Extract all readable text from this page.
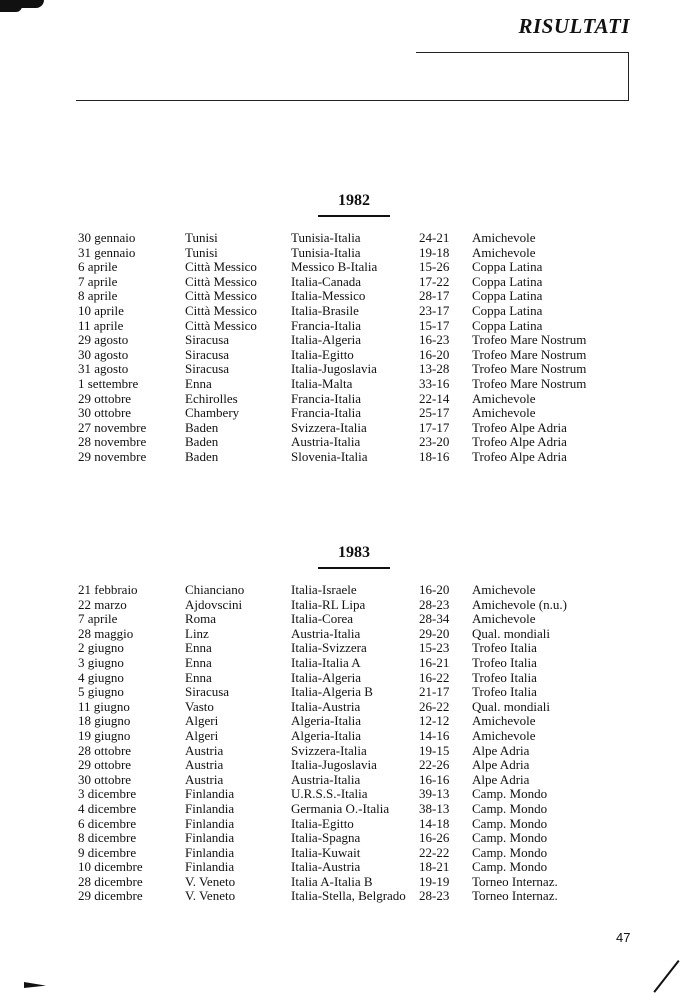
RISULTATI
1982
30 gennaio	Tunisi	Tunisia-Italia	24-21 Amichevole
31 gennaio	Tunisi	Tunisia-Italia	19-18 Amichevole
6 aprile	Città Messico	Messico B-Italia	15-26 Coppa Latina
7 aprile	Città Messico	Italia-Canada	17-22 Coppa Latina
8 aprile	Città Messico	Italia-Messico	28-17 Coppa Latina
10 aprile	Città Messico	Italia-Brasile	23-17 Coppa Latina
11 aprile	Città Messico	Francia-Italia	15-17 Coppa Latina
29 agosto	Siracusa	Italia-Algeria	16-23 Trofeo Mare Nostrum
30 agosto	Siracusa	Italia-Egitto	16-20 Trofeo Mare Nostrum
31 agosto	Siracusa	Italia-Jugoslavia	13-28 Trofeo Mare Nostrum
1 settembre	Enna	Italia-Malta	33-16 Trofeo Mare Nostrum
29 ottobre	Echirolles	Francia-Italia	22-14 Amichevole
30 ottobre	Chambery	Francia-Italia	25-17 Amichevole
27 novembre	Baden	Svizzera-Italia	17-17 Trofeo Alpe Adria
28 novembre	Baden	Austria-Italia	23-20 Trofeo Alpe Adria
29 novembre	Baden	Slovenia-Italia	18-16 Trofeo Alpe Adria
1983
21 febbraio	Chianciano	Italia-Israele	16-20 Amichevole
22 marzo	Ajdovscini	Italia-RL Lipa	28-23 Amichevole (n.u.)
7 aprile	Roma	Italia-Corea	28-34 Amichevole
28 maggio	Linz	Austria-Italia	29-20 Qual. mondiali
2 giugno	Enna	Italia-Svizzera	15-23 Trofeo Italia
3 giugno	Enna	Italia-Italia A	16-21 Trofeo Italia
4 giugno	Enna	Italia-Algeria	16-22 Trofeo Italia
5 giugno	Siracusa	Italia-Algeria B	21-17 Trofeo Italia
11 giugno	Vasto	Italia-Austria	26-22 Qual. mondiali
18 giugno	Algeri	Algeria-Italia	12-12 Amichevole
19 giugno	Algeri	Algeria-Italia	14-16 Amichevole
28 ottobre	Austria	Svizzera-Italia	19-15 Alpe Adria
29 ottobre	Austria	Italia-Jugoslavia	22-26 Alpe Adria
30 ottobre	Austria	Austria-Italia	16-16 Alpe Adria
3 dicembre	Finlandia	U.R.S.S.-Italia	39-13 Camp. Mondo
4 dicembre	Finlandia	Germania O.-Italia 38-13 Camp. Mondo
6 dicembre	Finlandia	Italia-Egitto	14-18 Camp. Mondo
8 dicembre	Finlandia	Italia-Spagna	16-26 Camp. Mondo
9 dicembre	Finlandia	Italia-Kuwait	22-22 Camp. Mondo
10 dicembre	Finlandia	Italia-Austria	18-21 Camp. Mondo
28 dicembre	V. Veneto	Italia A-Italia B	19-19 Torneo Internaz.
29 dicembre	V. Veneto	Italia-Stella, Belgrado 28-23 Torneo Internaz.
47
